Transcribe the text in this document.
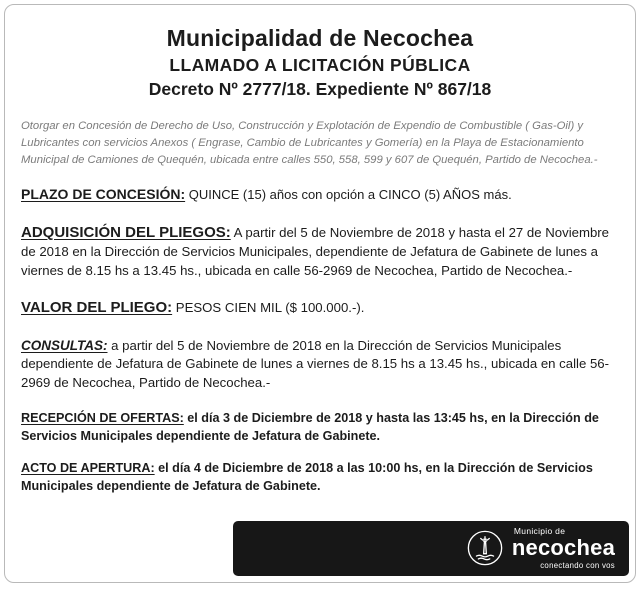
Municipalidad de Necochea
LLAMADO A LICITACIÓN PÚBLICA
Decreto Nº 2777/18. Expediente Nº 867/18

Otorgar en Concesión de Derecho de Uso, Construcción y Explotación de Expendio de Combustible ( Gas-Oil) y Lubricantes con servicios Anexos ( Engrase, Cambio de Lubricantes y Gomería) en la Playa de Estacionamiento Municipal de Camiones de Quequén, ubicada entre calles 550, 558, 599 y 607 de Quequén, Partido de Necochea.-

PLAZO DE CONCESIÓN: QUINCE (15) años con opción a CINCO (5) AÑOS más.
ADQUISICIÓN DEL PLIEGOS: A partir del 5 de Noviembre de 2018 y hasta el 27 de Noviembre de 2018 en la Dirección de Servicios Municipales, dependiente de Jefatura de Gabinete de lunes a viernes de 8.15 hs a 13.45 hs., ubicada en calle 56-2969 de Necochea, Partido de Necochea.-
VALOR DEL PLIEGO: PESOS CIEN MIL ($ 100.000.-).
CONSULTAS: a partir del 5 de Noviembre de 2018 en la Dirección de Servicios Municipales dependiente de Jefatura de Gabinete de lunes a viernes de 8.15 hs a 13.45 hs., ubicada en calle 56-2969 de Necochea, Partido de Necochea.-
RECEPCIÓN DE OFERTAS: el día 3 de Diciembre de 2018 y hasta las 13:45 hs, en la Dirección de Servicios Municipales dependiente de Jefatura de Gabinete.
ACTO DE APERTURA: el día 4 de Diciembre de 2018 a las 10:00 hs, en la Dirección de Servicios Municipales dependiente de Jefatura de Gabinete.
Municipio de
necochea
conectando con vos
